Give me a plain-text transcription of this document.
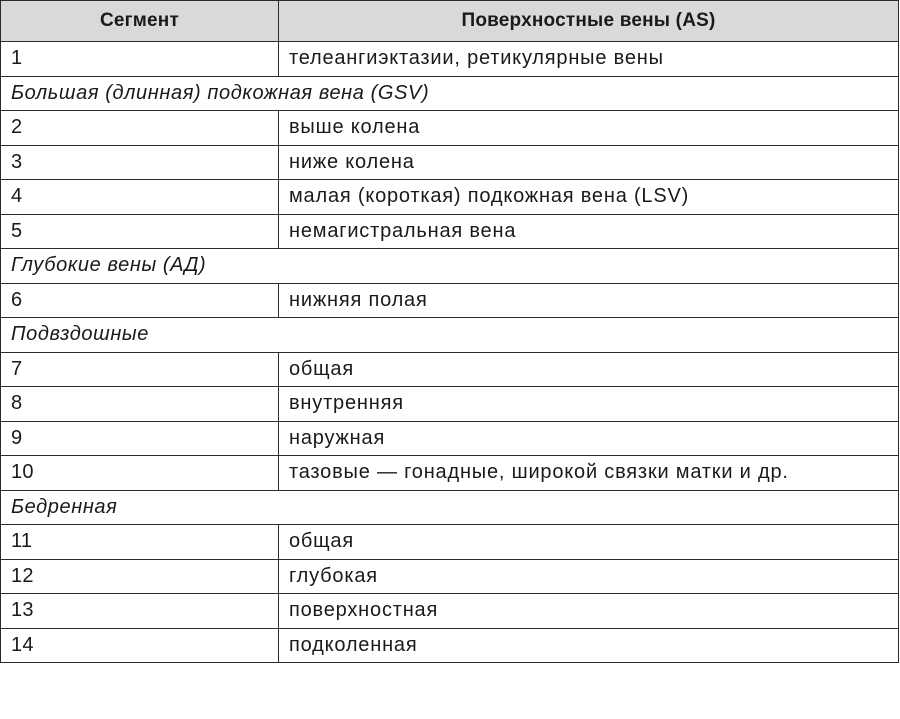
Сегмент	Поверхностные вены (AS)
1	телеангиэктазии, ретикулярные вены
Большая (длинная) подкожная вена (GSV)	
2	выше колена
3	ниже колена
4	малая (короткая) подкожная вена (LSV)
5	немагистральная вена
Глубокие вены (АД)	
6	нижняя полая
Подвздошные	
7	общая
8	внутренняя
9	наружная
10	тазовые — гонадные, широкой связки матки и др.
Бедренная	
11	общая
12	глубокая
13	поверхностная
14	подколенная
